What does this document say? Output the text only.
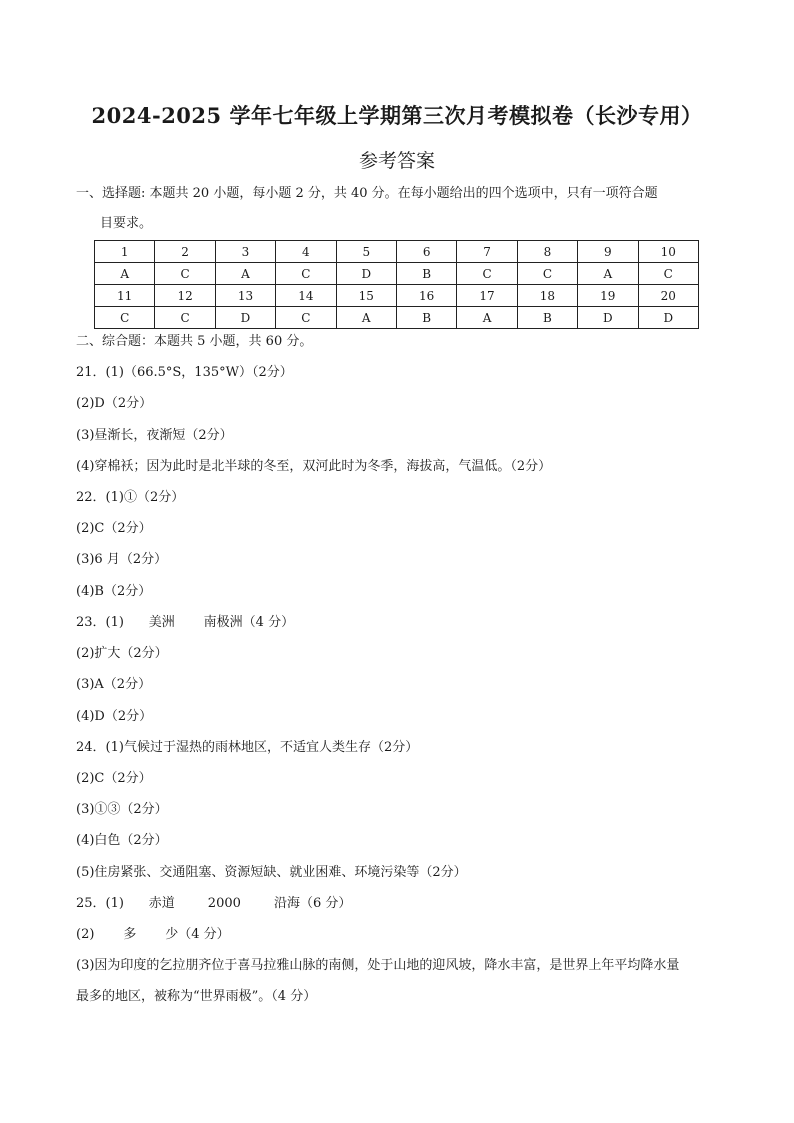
2024-2025 学年七年级上学期第三次月考模拟卷（长沙专用）
参考答案
一、选择题: 本题共 20 小题，每小题 2 分，共 40 分。在每小题给出的四个选项中，只有一项符合题
目要求。
1	2	3	4	5	6	7	8	9	10
A	C	A	C	D	B	C	C	A	C
11	12	13	14	15	16	17	18	19	20
C	C	D	C	A	B	A	B	D	D
二、综合题：本题共 5 小题，共 60 分。
21．(1)（66.5°S，135°W）（2分）
(2)D（2分）
(3)昼渐长，夜渐短（2分）
(4)穿棉袄；因为此时是北半球的冬至，双河此时为冬季，海拔高，气温低。（2分）
22．(1)①（2分）
(2)C（2分）
(3)6 月（2分）
(4)B（2分）
23．(1)      美洲       南极洲（4 分）
(2)扩大（2分）
(3)A（2分）
(4)D（2分）
24．(1)气候过于湿热的雨林地区，不适宜人类生存（2分）
(2)C（2分）
(3)①③（2分）
(4)白色（2分）
(5)住房紧张、交通阻塞、资源短缺、就业困难、环境污染等（2分）
25．(1)      赤道        2000        沿海（6 分）
(2)       多       少（4 分）
(3)因为印度的乞拉朋齐位于喜马拉雅山脉的南侧，处于山地的迎风坡，降水丰富，是世界上年平均降水量
最多的地区，被称为“世界雨极”。（4 分）
